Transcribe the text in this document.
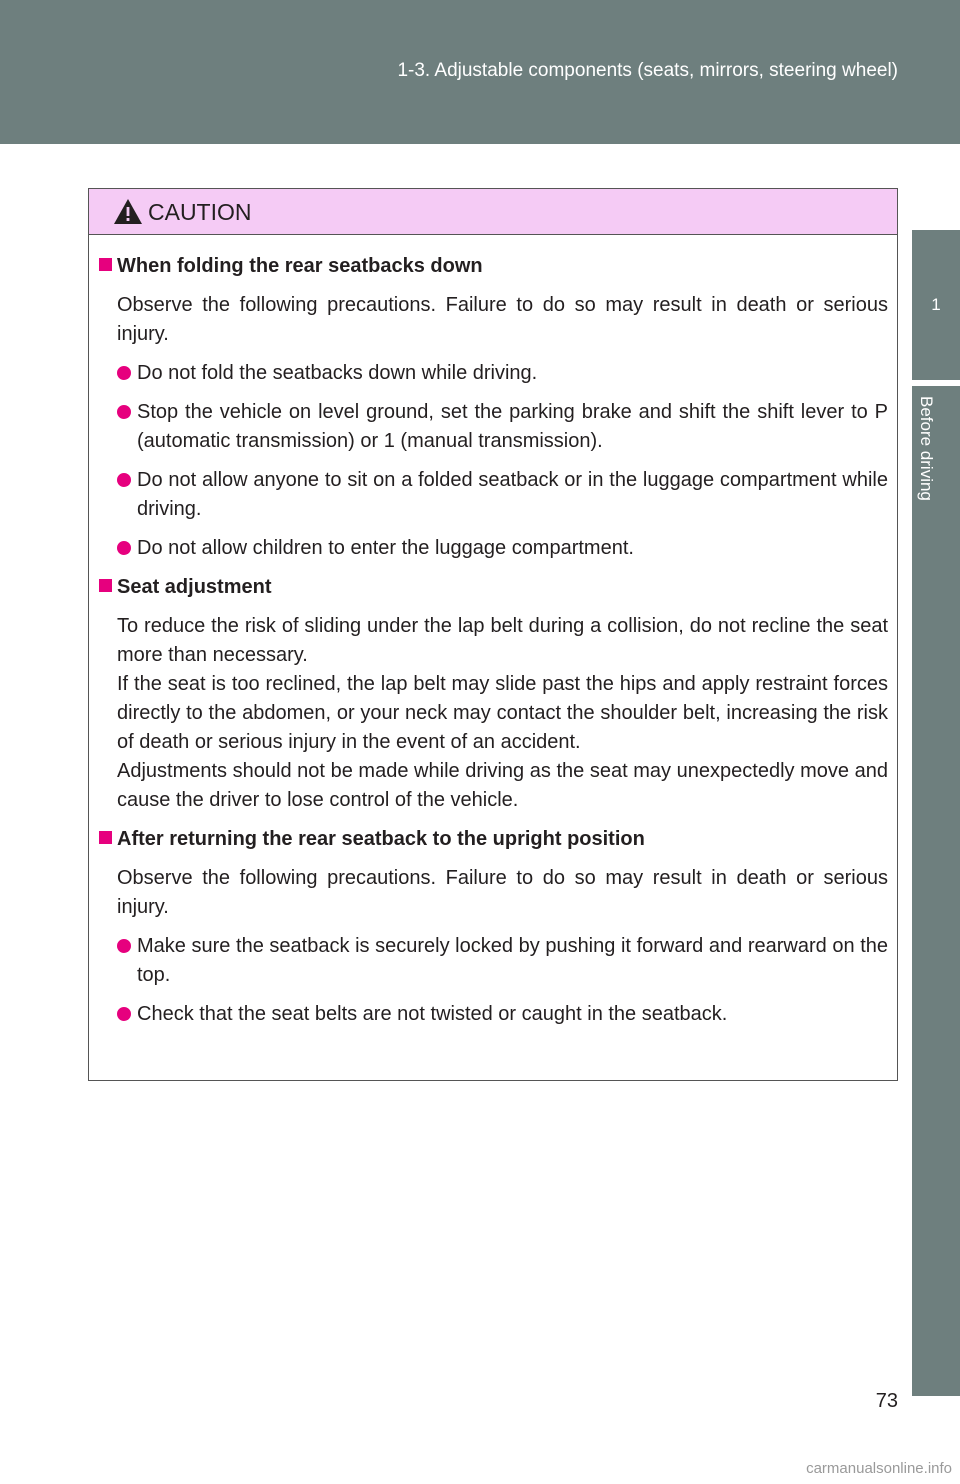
1-3. Adjustable components (seats, mirrors, steering wheel)
1
Before driving
CAUTION
When folding the rear seatbacks down
Observe the following precautions. Failure to do so may result in death or serious injury.
Do not fold the seatbacks down while driving.
Stop the vehicle on level ground, set the parking brake and shift the shift lever to P (automatic transmission) or 1 (manual transmission).
Do not allow anyone to sit on a folded seatback or in the luggage compartment while driving.
Do not allow children to enter the luggage compartment.
Seat adjustment
To reduce the risk of sliding under the lap belt during a collision, do not recline the seat more than necessary.
If the seat is too reclined, the lap belt may slide past the hips and apply restraint forces directly to the abdomen, or your neck may contact the shoulder belt, increasing the risk of death or serious injury in the event of an accident.
Adjustments should not be made while driving as the seat may unexpectedly move and cause the driver to lose control of the vehicle.
After returning the rear seatback to the upright position
Observe the following precautions. Failure to do so may result in death or serious injury.
Make sure the seatback is securely locked by pushing it forward and rearward on the top.
Check that the seat belts are not twisted or caught in the seatback.
73
carmanualsonline.info
